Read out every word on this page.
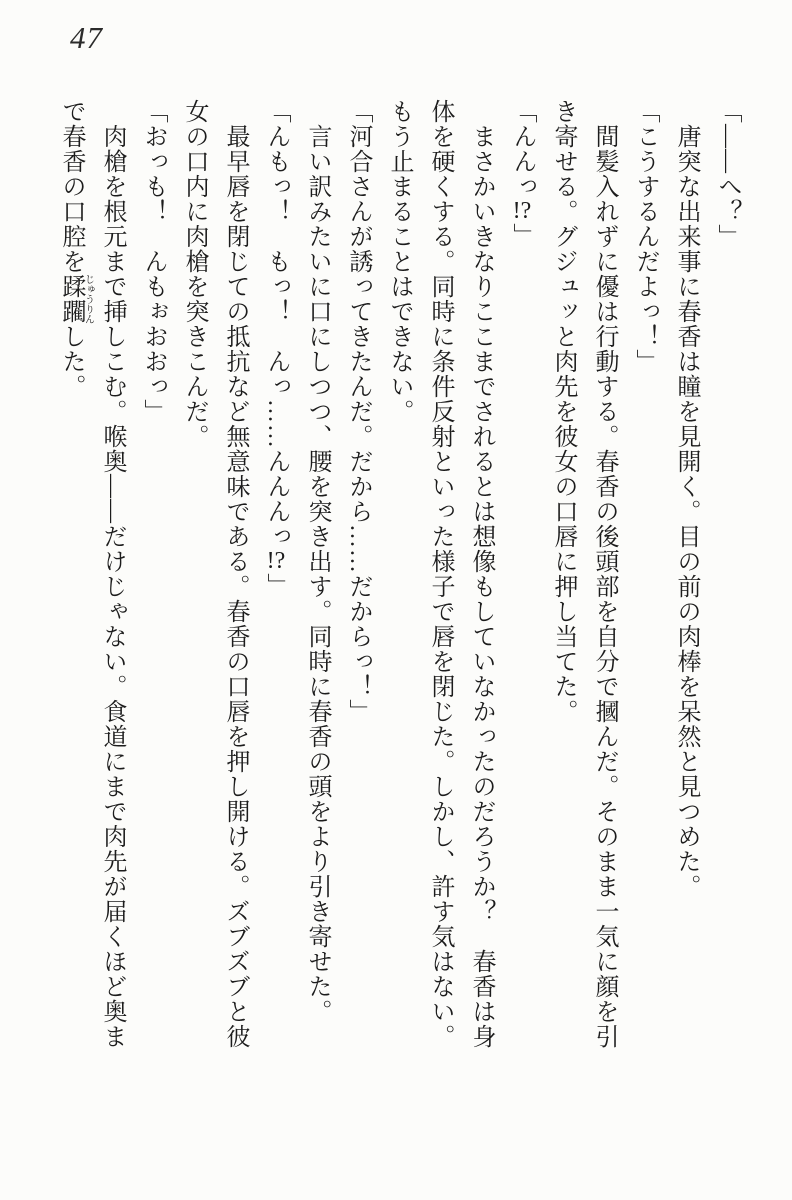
47

「――へ？」

　唐突な出来事に春香は瞳を見開く。目の前の肉棒を呆然と見つめた。

「こうするんだよっ！」

　間髪入れずに優は行動する。春香の後頭部を自分で摑んだ。そのまま一気に顔を引き寄せる。グジュッと肉先を彼女の口唇に押し当てた。

「んんっ!?」

　まさかいきなりここまでされるとは想像もしていなかったのだろうか？　春香は身体を硬くする。同時に条件反射といった様子で唇を閉じた。しかし、許す気はない。もう止まることはできない。

「河合さんが誘ってきたんだ。だから……だからっ！」

　言い訳みたいに口にしつつ、腰を突き出す。同時に春香の頭をより引き寄せた。

「んもっ！　もっ！　んっ……んんんっ!?」

　最早唇を閉じての抵抗など無意味である。春香の口唇を押し開ける。ズブズブと彼女の口内に肉槍を突きこんだ。

「おっも！　んもぉおおっ」

　肉槍を根元まで挿しこむ。喉奥――だけじゃない。食道にまで肉先が届くほど奥まで春香の口腔を蹂躙じゅうりんした。
